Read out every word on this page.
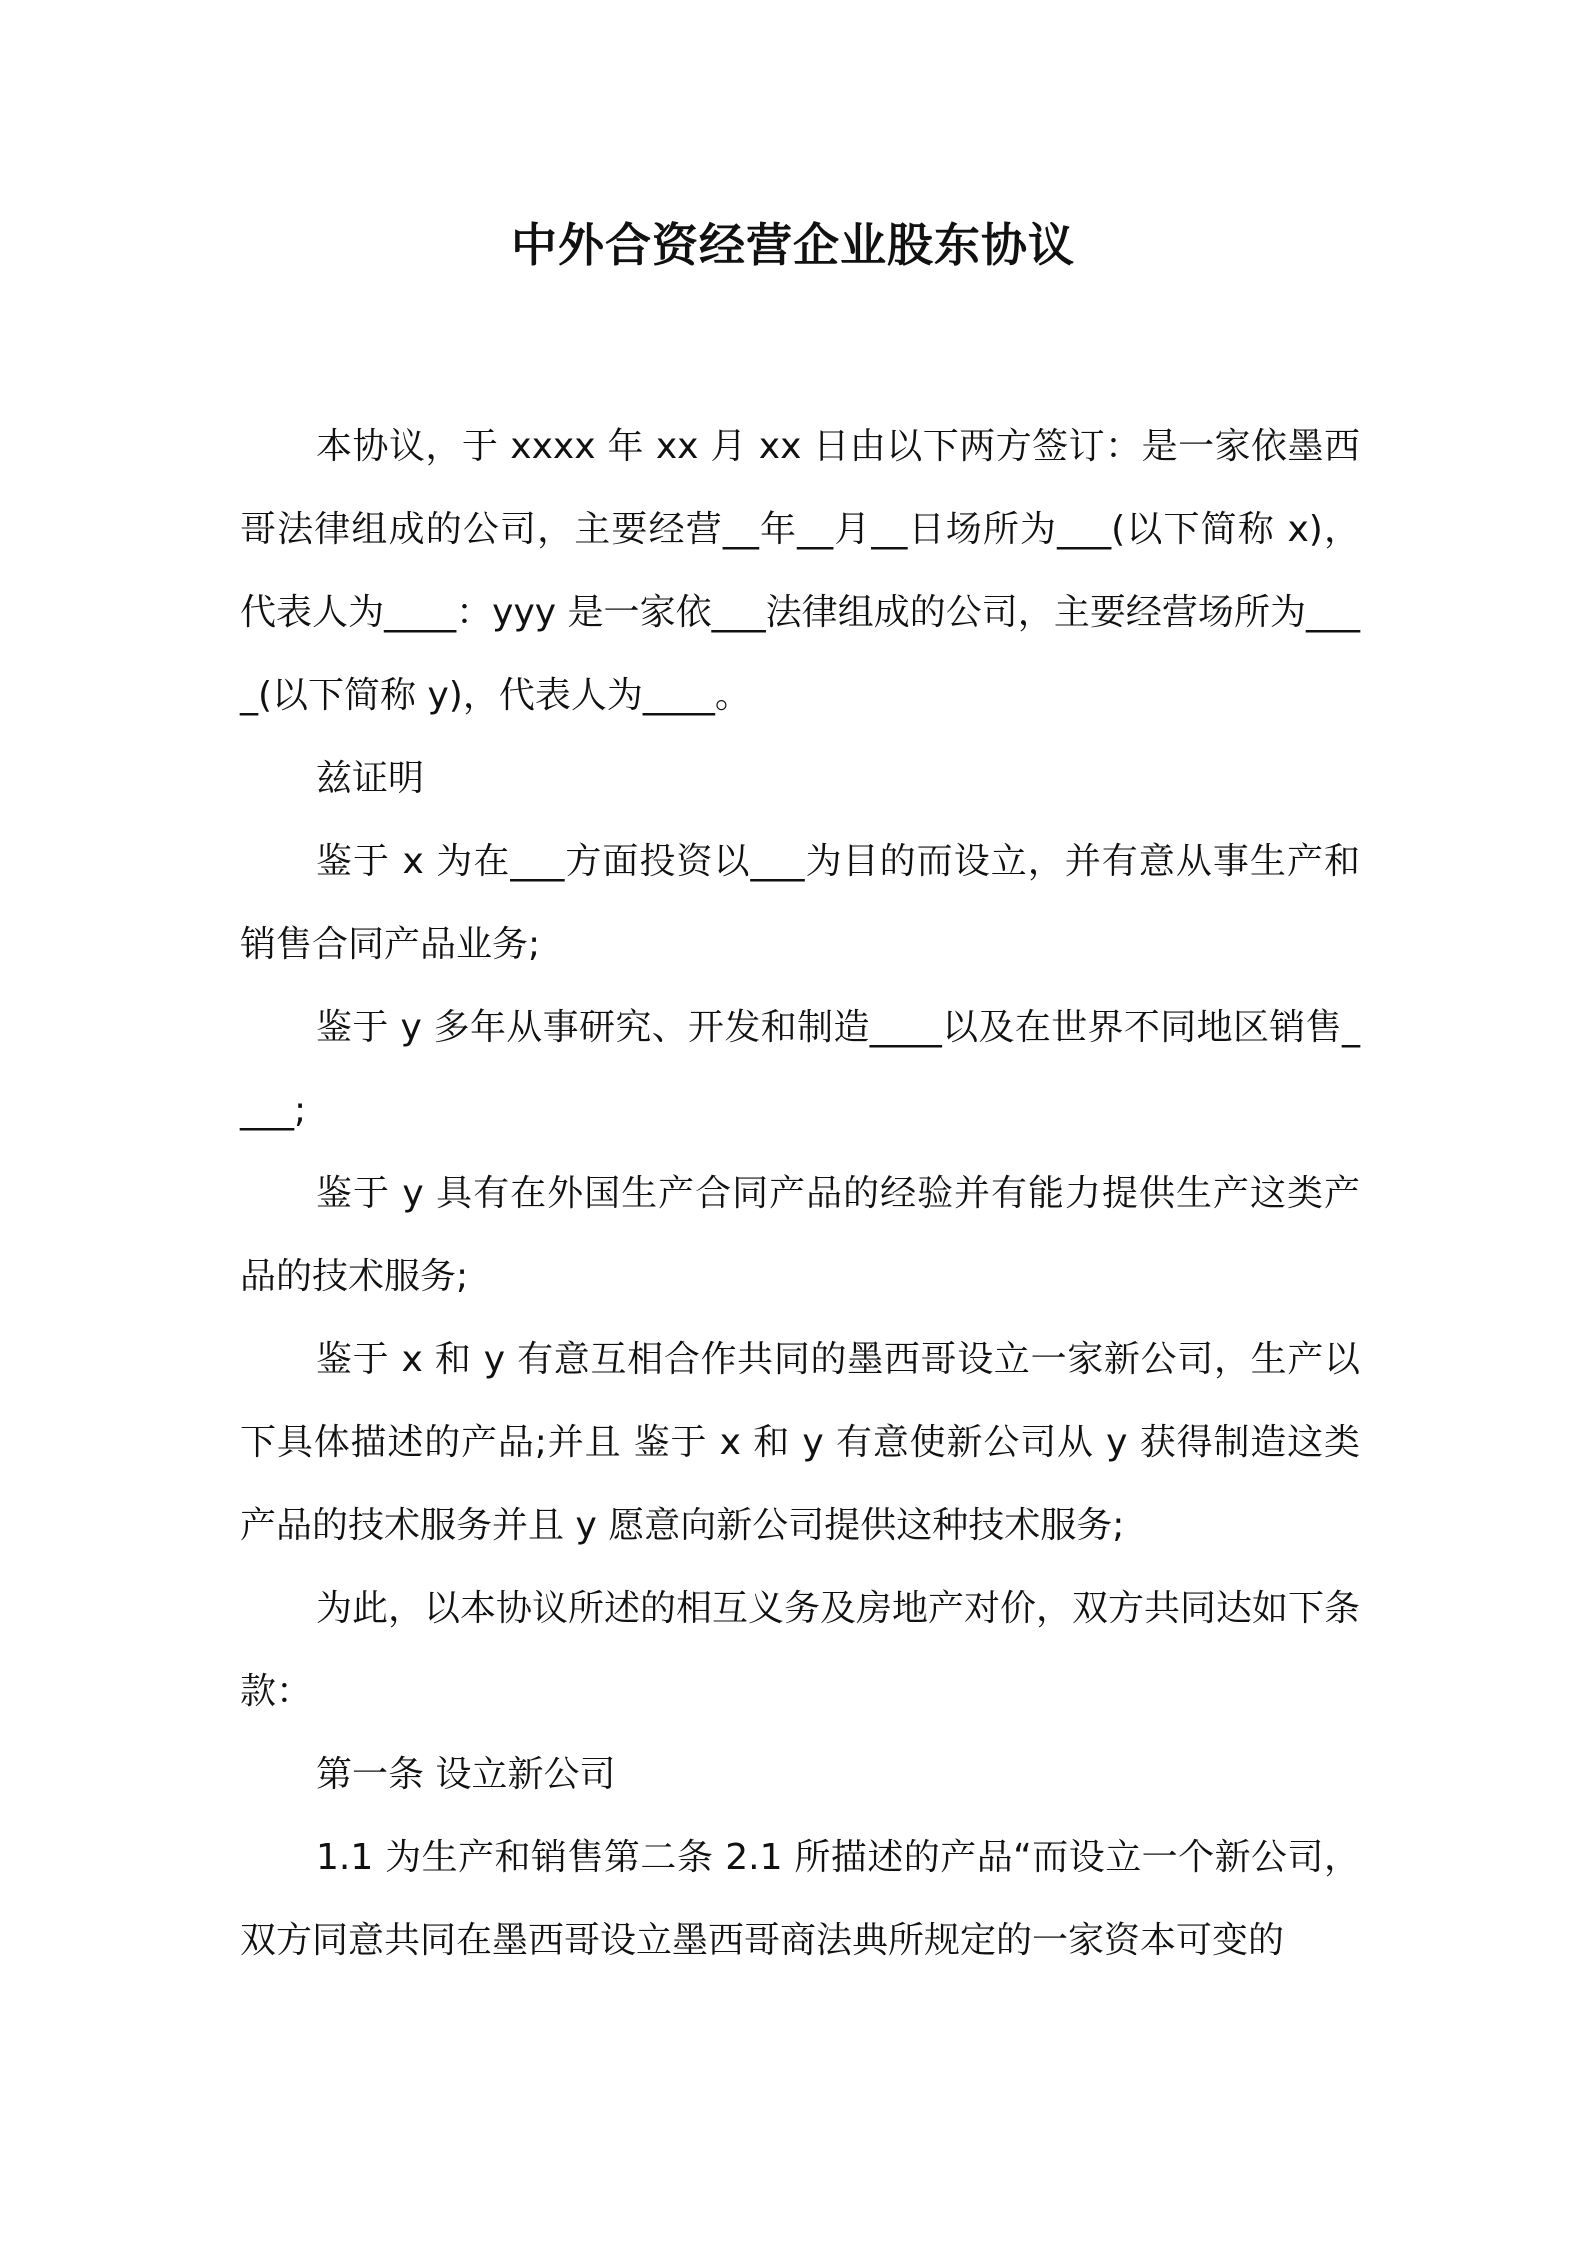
中外合资经营企业股东协议

本协议，于 xxxx 年 xx 月 xx 日由以下两方签订：是一家依墨西哥法律组成的公司，主要经营__年__月__日场所为___(以下简称 x)，代表人为____：yyy 是一家依___法律组成的公司，主要经营场所为____(以下简称 y)，代表人为____。

兹证明

鉴于 x 为在___方面投资以___为目的而设立，并有意从事生产和销售合同产品业务;

鉴于 y 多年从事研究、开发和制造____以及在世界不同地区销售____;

鉴于 y 具有在外国生产合同产品的经验并有能力提供生产这类产品的技术服务;

鉴于 x 和 y 有意互相合作共同的墨西哥设立一家新公司，生产以下具体描述的产品;并且 鉴于 x 和 y 有意使新公司从 y 获得制造这类产品的技术服务并且 y 愿意向新公司提供这种技术服务;

为此，以本协议所述的相互义务及房地产对价，双方共同达如下条款：

第一条 设立新公司

1.1 为生产和销售第二条 2.1 所描述的产品“而设立一个新公司，双方同意共同在墨西哥设立墨西哥商法典所规定的一家资本可变的
